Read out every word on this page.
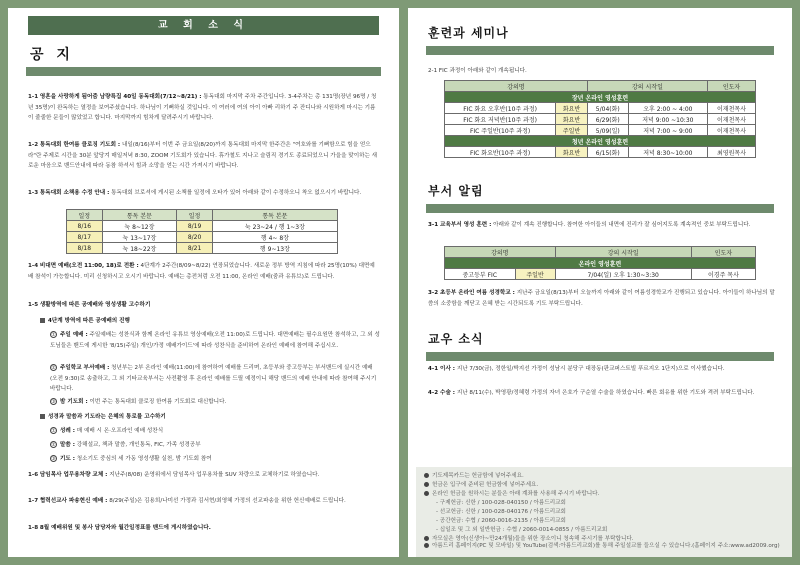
교 회 소 식
공 지
1-1 영혼을 사랑하게 됨어줌 남량특집 40일 동독대회(7/12~8/21) : 통독대회 마지막 주차 주간입니다. 3-4주차는 총 131명(장년 96명 / 청년 35명)이 완독하는 열정을 보여주셨습니다. 하나님이 기뻐하실 것입니다. 이 여러에 여의 아이 아빠 리하기 주 잔디나와 시원하게 마시는 기름이 줄줄한 문들이 많았었고 합니다. 마지막까지 힘차게 달려주시기 바랍니다.
1-2 통독대회 한여름 클로징 기도회 : 내일(8/16)부터 이번 주 금요일(8/20)까지 통독대회 마지막 한주간은 "여호와를 기뻐함으로 힘을 얻으라"란 주제로 시간을 30분 앞당겨 매일저녁 8:30, ZOOM 기도회가 있습니다. 휴가철도 지나고 슬림직 경기도 종료되었으니 가을을 맞이하는 새로운 마음으로 밴드안내에 따라 동참 하셔서 힘과 소망을 얻는 시간 가져시기 바랍니다.
1-3 통독대회 소책용 수정 안내 : 통독대회 브로셔에 게시된 소책를 일정에 오타가 있어 아래와 같이 수정하오니 착오 없으시기 바랍니다.
일정	통독 본문	일정	통독 본문
8/16	눅 8~12장	8/19	눅 23~24 / 행 1~3장
8/17	눅 13~17장	8/20	행 4~ 8장
8/18	눅 18~22장	8/21	행 9~13장
1-4 비대면 예배(오전 11:00, 18)로 전환 : 4단계가 2주간(8/09~8/22) 연장되었습니다. 새로운 정부 방역 지침에 따라 25명(10%) 대면예배 참석이 가능합니다. 미리 신청하시고 오시기 바랍니다. 예배는 총전처럼 오전 11:00, 온라인 예배(줌과 유튜브)로 드립니다.
1-5 생활방역에 따른 공예배와 영성생활 고수하기
4단계 방역에 따른 공예배의 진행
① 주일 예배 : 주일예배는 성찬식과 함께 온라인 유튜브 영상예배(오전 11:00)로 드립니다. 대면예배는 필수요원만 참석하고, 그 외 성도님들은 밴드에 게시한 '8/15(주일) 개인/가정 예배가이드'에 따라 성찬식을 준비하여 온라인 예배에 참여해 주십시오.
② 주일학교 부서예배 : 청년부는 2부 온라인 예배(11:00)에 참여하여 예배를 드리며, 초등부와 중고등부는 부서밴드에 실시간 예배(오전 9:30)로 송출하고, 그 외 기타교육부서는 사전촬영 후 온라인 예배를 드릴 예정이니 해당 밴드의 예배 안내에 따라 참여해 주시기 바랍니다.
③ 밤 기도회 : 이번 주는 통독대회 클로징 한여름 기도회로 대신합니다.
성경과 말씀과 기도라는 은혜의 통로를 고수하기
① 성례 : 매 예배 시 온·오프라인 예배 성찬식
② 말씀 : 강해설교, 책과 말씀, 개인통독, FIC, 가족 성경공부
③ 기도 : 청소기도 중심의 세 가동 영성생활 실천, 밤 기도회 참여
1-6 담임목사 업무용차량 교체 : 지난주(8/08) 운영위에서 담임목사 업무용차를 SUV 차량으로 교체하기로 하였습니다.
1-7 협력선교사 파송현신 예배 : 8/29(주일)은 김용희/나미선 가정과 김서현/최영혜 가정의 선교파송을 위한 헌신예배로 드립니다.
1-8 8월 예배위원 및 봉사 담당자와 월간일정표를 밴드에 게시하였습니다.
훈련과 세미나
2-1 FIC 과정이 아래와 같이 개속됩니다.
강의명		강의 시작일		인도자
장년 온라인 영성훈련				
FIC 화요 오후반(10주 과정)	화요반	5/04(화)	오후 2:00 ~ 4:00	이재천목사
FIC 화요 저녁반(10주 과정)	화요반	6/29(화)	저녁 9:00 ~10:30	이재천목사
FIC 주일반(10주 과정)	주일반	5/09(일)	저녁 7:00 ~ 9:00	이재천목사
청년 온라인 영성훈련				
FIC 화요반(10주 과정)	화요반	6/15(화)	저녁 8:30~10:00	최영원목사
부서 알림
3-1 교육부서 영성 훈련 : 아래와 같이 계속 진행합니다. 참여한 아이들의 내면에 진리가 잘 심어지도록 계속적인 중보 부탁드립니다.
강의명		강의 시작일	인도자
온라인 영성훈련			
중고등부 FIC	주일반	7/04(일) 오후 1:30~3:30	이경주 목사
3-2 초등부 온라인 여름 성경학교 : 지난주 금요일(8/13)부터 오늘까지 아래와 같이 여름성경학교가 진행되고 있습니다. 아이들이 하나님의 말씀의 소중함을 깨닫고 은혜 받는 시간되도록 기도 부탁드립니다.
교우 소식
4-1 이사 : 지난 7/30(금), 정한일/박지선 가정이 성남시 분당구 대장동(판교퍼스트빌 푸르지오 1단지)으로 이사했습니다.
4-2 수술 : 지난 8/11(수), 박영광/정혜령 가정의 자녀 은호가 구순열 수술을 하였습니다. 빠른 회유를 위한 기도와 격려 부탁드립니다.
기도제목카드는 헌금함에 넣어주세요.
헌금은 입구에 준비된 헌금함에 넣어주세요.
온라인 헌금을 원하시는 분들은 아래 계좌를 사용해 주시기 바랍니다.
- 구제헌금: 신한 / 100-028-040150 / 아름드리교회
- 선교헌금: 신한 / 100-028-040176 / 아름드리교회
- 공간헌금: 수협 / 2060-0016-2135 / 아름드리교회
- 십일조 및 그 외 일반헌금 : 수협 / 2060-0014-0855 / 아름드리교회
자모실은 영아(신생아~만24개월)들을 위한 장소이니 청속해 주시기를 부탁합니다.
아름드리 홈페이지(PC 및 모바일) 및 YouTube(검색:아름드리교회)를 통해 주일설교를 들으실 수 있습니다.(홈페이지 주소:www.ad2009.org)
